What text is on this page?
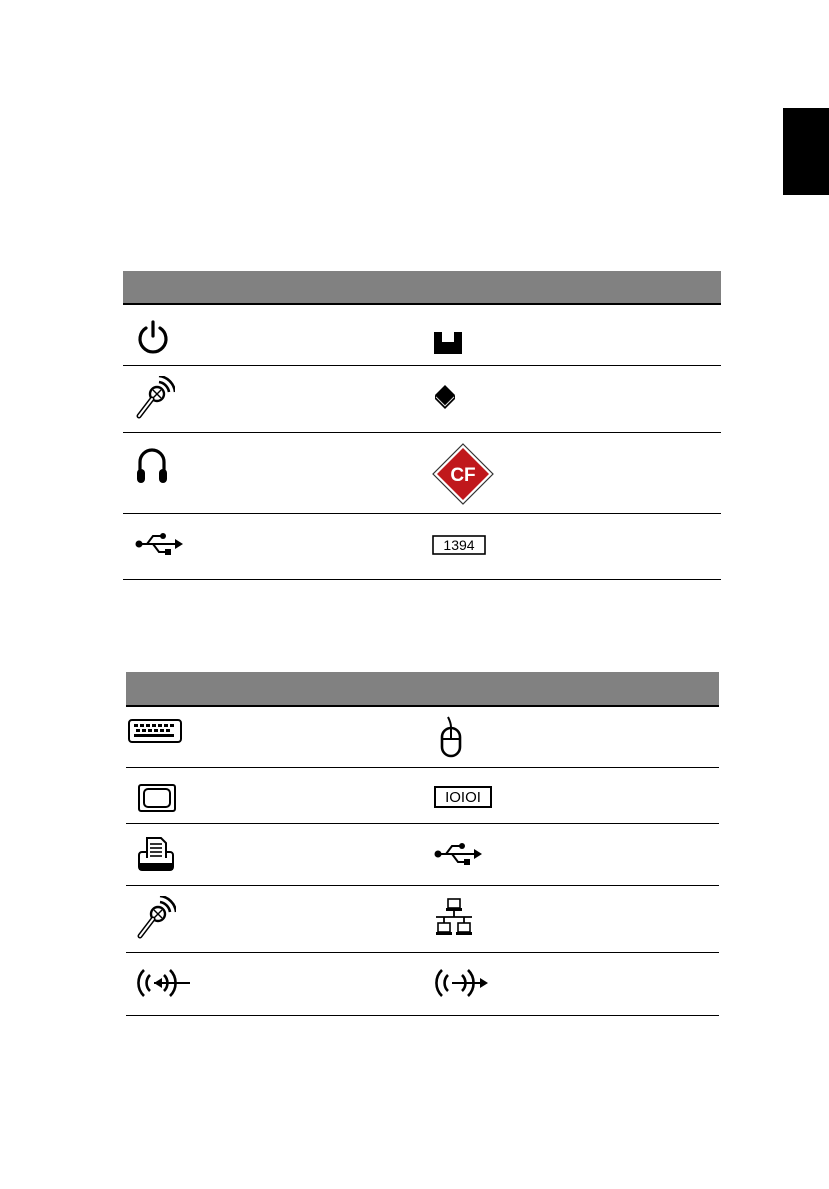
CF
1394
IOIOI
